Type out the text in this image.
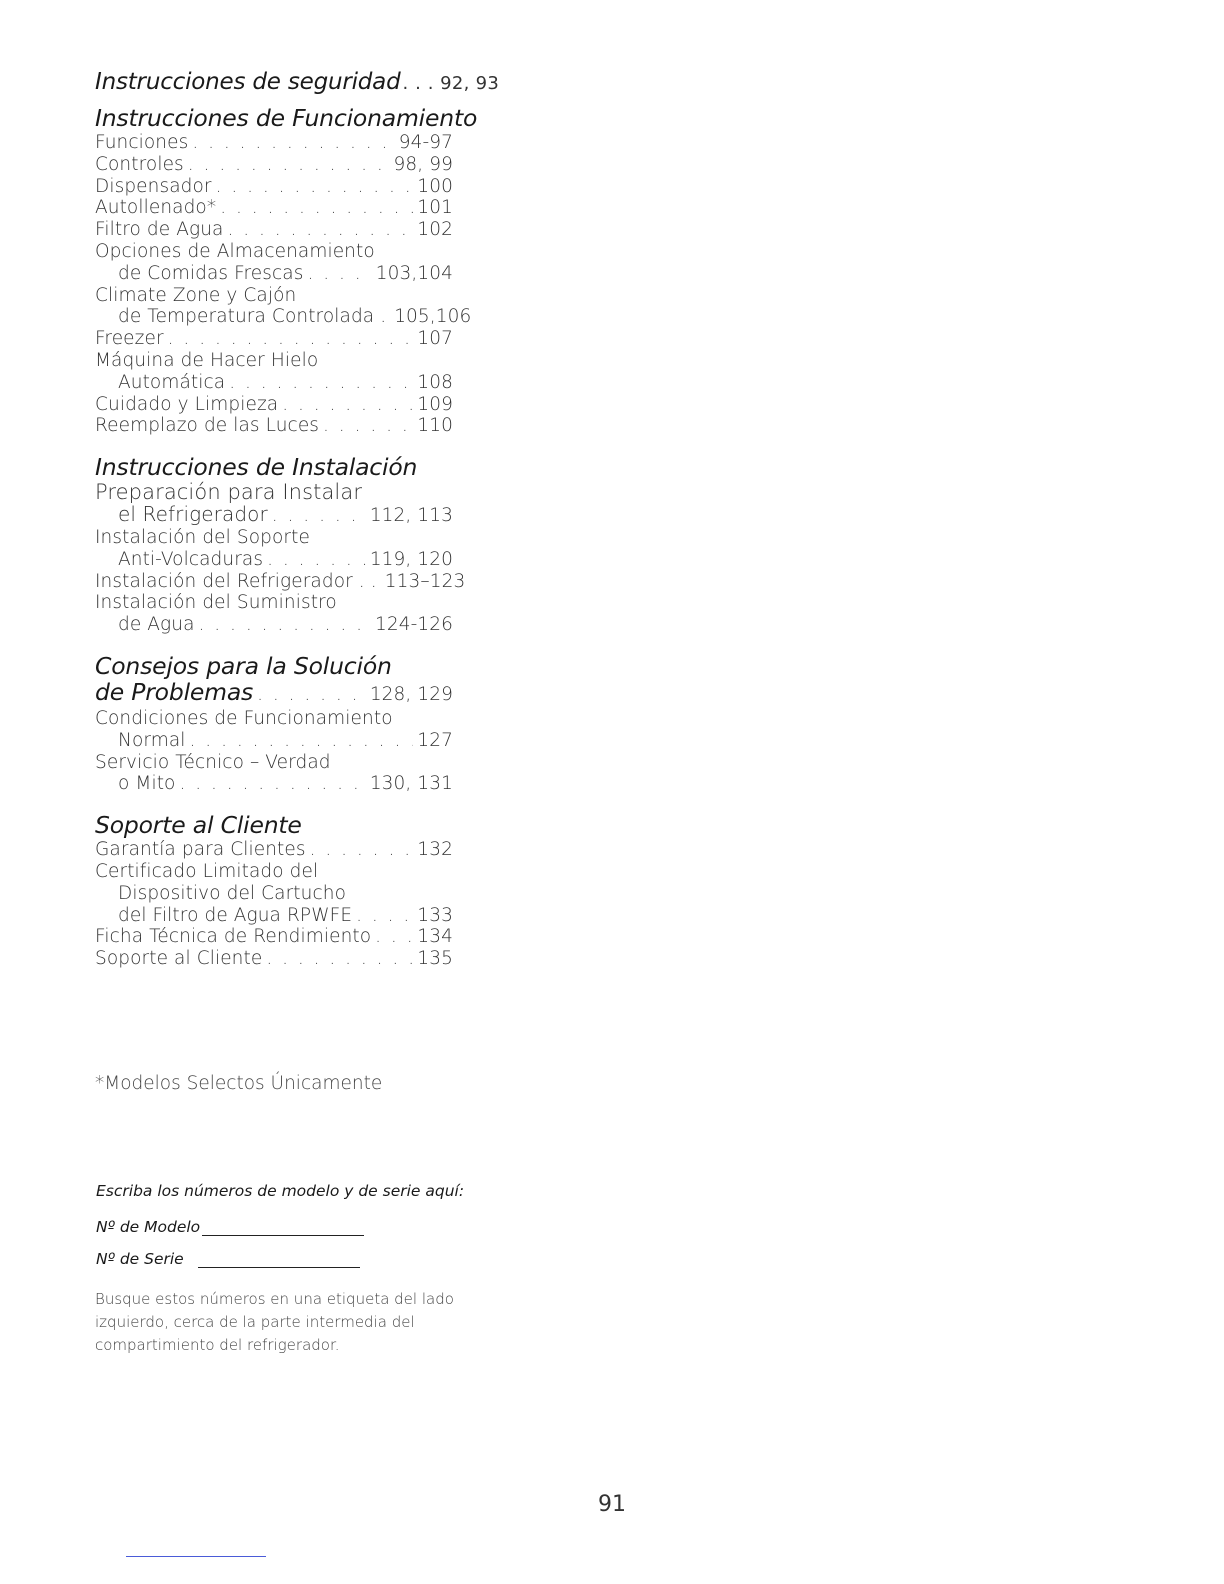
Instrucciones de seguridad . . . 92, 93
Instrucciones de Funcionamiento
Funciones . . .	94-97
Controles . . .	98, 99
Dispensador . . .	100
Autollenado* . . .	101
Filtro de Agua . . .	102
Opciones de Almacenamiento
de Comidas Frescas . . .	103,104
Climate Zone y Cajón
de Temperatura Controlada . 105,106
Freezer . . .	107
Máquina de Hacer Hielo
Automática . . .	108
Cuidado y Limpieza . . .	109
Reemplazo de las Luces . . .	110
Instrucciones de Instalación
Preparación para Instalar
el Refrigerador . . .	112, 113
Instalación del Soporte
Anti-Volcaduras . . .	119, 120
Instalación del Refrigerador . . 113–123
Instalación del Suministro
de Agua . . .	124-126
Consejos para la Solución
de Problemas . . .	128, 129
Condiciones de Funcionamiento
Normal . . .	127
Servicio Técnico – Verdad
o Mito . . .	130, 131
Soporte al Cliente
Garantía para Clientes . . .	132
Certificado Limitado del
Dispositivo del Cartucho
del Filtro de Agua RPWFE . . .	133
Ficha Técnica de Rendimiento . . . 134
Soporte al Cliente . . .	135
*Modelos Selectos Únicamente
Escriba los números de modelo y de serie aquí:
Nº de Modelo
Nº de Serie
Busque estos números en una etiqueta del lado izquierdo, cerca de la parte intermedia del compartimiento del refrigerador.
91
